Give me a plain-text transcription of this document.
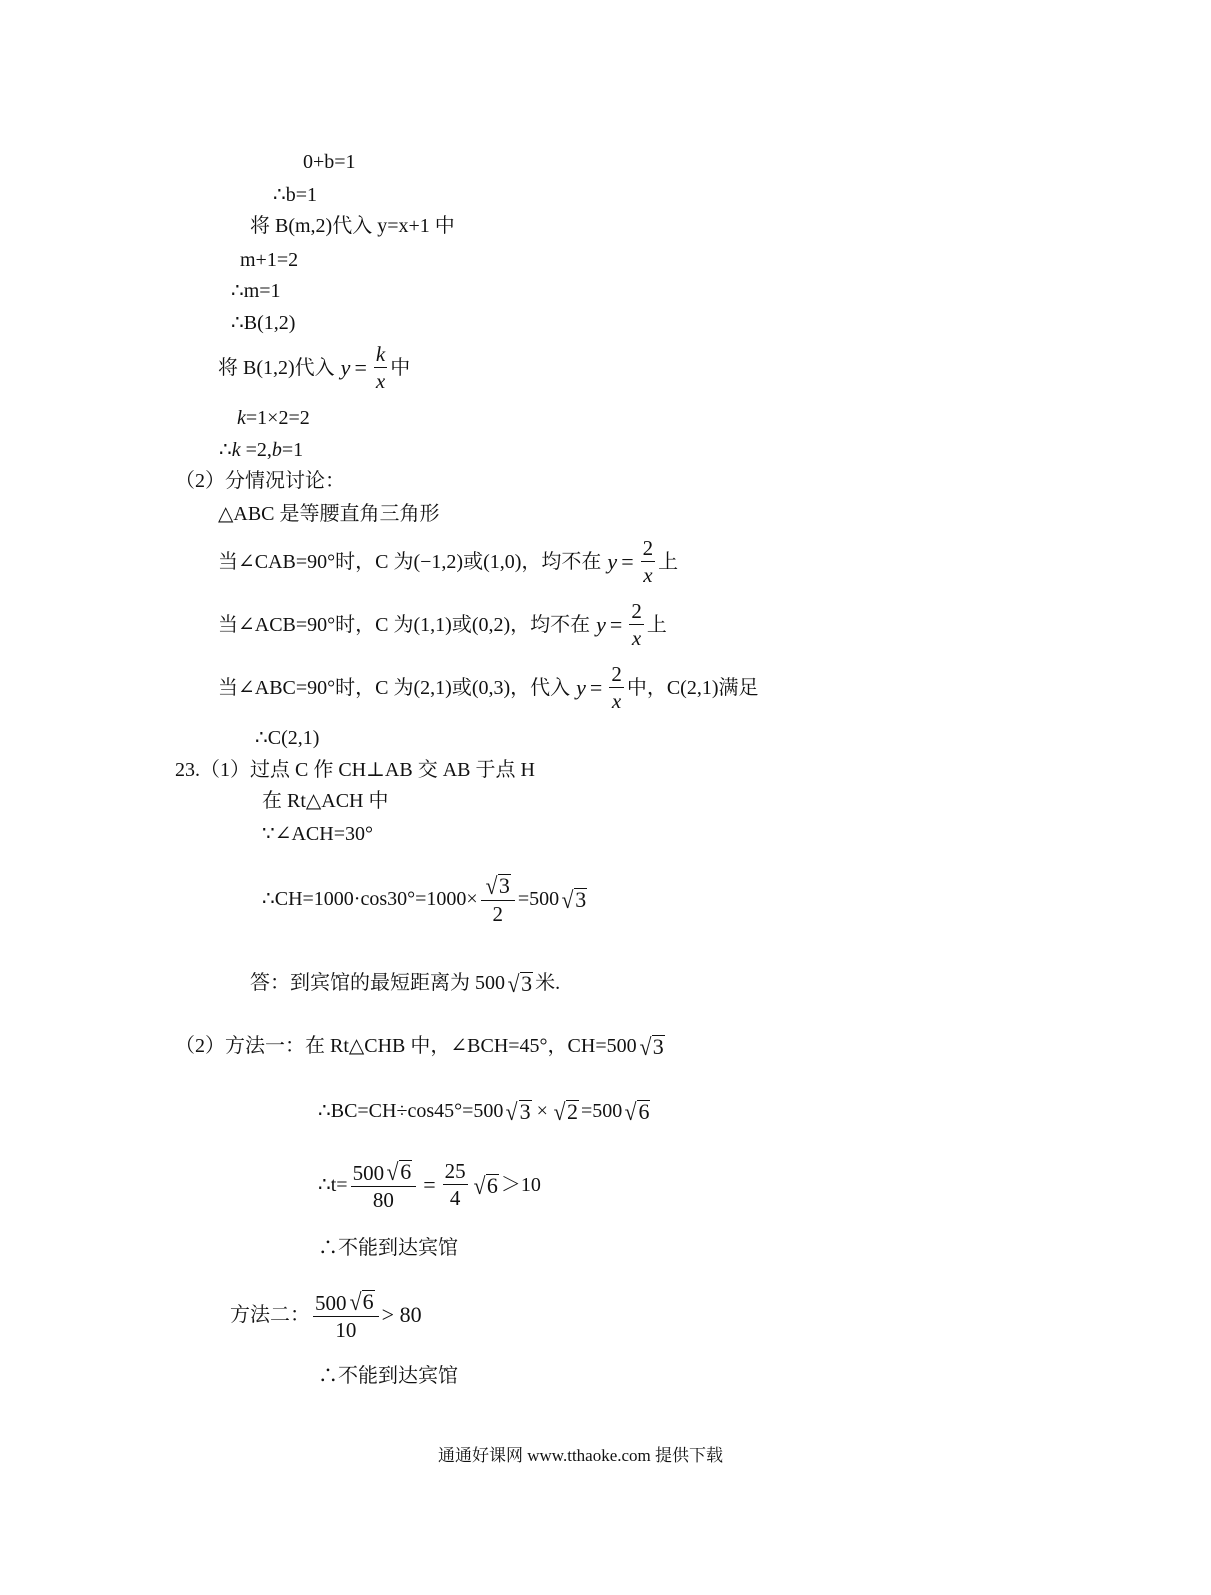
0+b=1
∴b=1
将 B(m,2)代入 y=x+1 中
m+1=2
∴m=1
∴B(1,2)
将 B(1,2)代入 $y = \frac{k}{x}$ 中
k=1×2=2
∴k =2,b=1
（2）分情况讨论：
△ABC 是等腰直角三角形
当∠CAB=90°时，C 为(−1,2)或(1,0)，均不在 $y = \frac{2}{x}$ 上
当∠ACB=90°时，C 为(1,1)或(0,2)，均不在 $y = \frac{2}{x}$ 上
当∠ABC=90°时，C 为(2,1)或(0,3)，代入 $y = \frac{2}{x}$ 中，C(2,1)满足
∴C(2,1)
23.（1）过点 C 作 CH⊥AB 交 AB 于点 H
在 Rt△ACH 中
∵∠ACH=30°
∴CH=1000·cos30°=1000× $\frac{√ 3}{2} =500$ √ 3
答：到宾馆的最短距离为 500 √ 3 米.
（2）方法一：在 Rt△CHB 中，∠BCH=45°，CH=500 √ 3
∴BC=CH÷cos45°=500 √ 3 × √ 2 =500 √ 6
∴t= $\frac{500 √ 6}{80} = \frac{25}{4}$ √ 6 ＞10
∴不能到达宾馆
方法二： $\frac{500 √ 6}{10} > 80$
∴不能到达宾馆
通通好课网 www.tthaoke.com 提供下载
